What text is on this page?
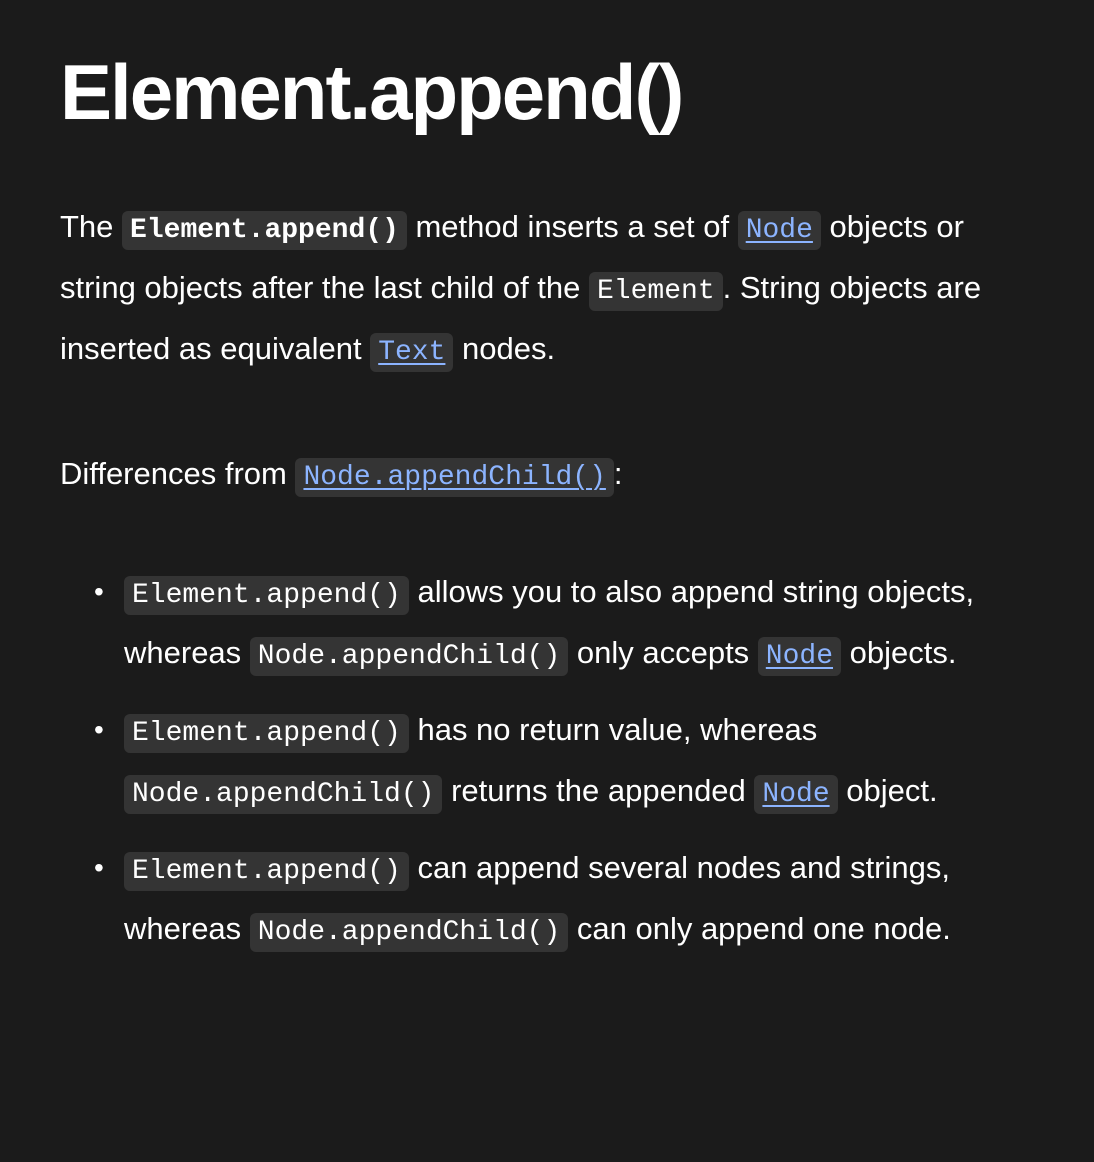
Element.append()

The Element.append() method inserts a set of Node objects or string objects after the last child of the Element . String objects are inserted as equivalent Text nodes.

Differences from Node.appendChild() :

• Element.append() allows you to also append string objects, whereas Node.appendChild() only accepts Node objects.
• Element.append() has no return value, whereas Node.appendChild() returns the appended Node object.
• Element.append() can append several nodes and strings, whereas Node.appendChild() can only append one node.
